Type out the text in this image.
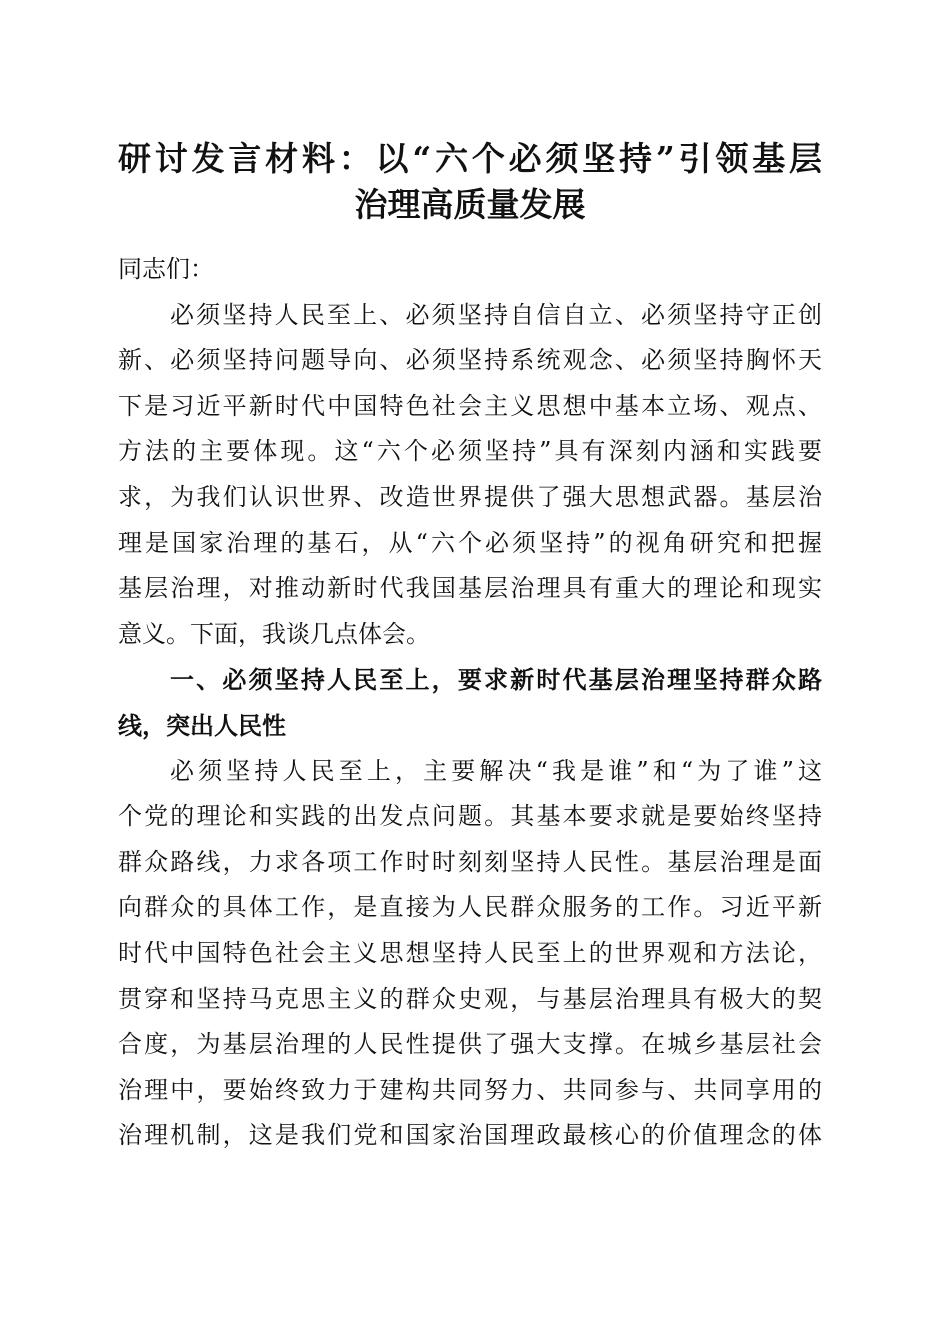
研讨发言材料：以“六个必须坚持”引领基层
治理高质量发展
同志们：
必须坚持人民至上、必须坚持自信自立、必须坚持守正创
新、必须坚持问题导向、必须坚持系统观念、必须坚持胸怀天
下是习近平新时代中国特色社会主义思想中基本立场、观点、
方法的主要体现。这“六个必须坚持”具有深刻内涵和实践要
求，为我们认识世界、改造世界提供了强大思想武器。基层治
理是国家治理的基石，从“六个必须坚持”的视角研究和把握
基层治理，对推动新时代我国基层治理具有重大的理论和现实
意义。下面，我谈几点体会。
一、必须坚持人民至上，要求新时代基层治理坚持群众路
线，突出人民性
必须坚持人民至上，主要解决“我是谁”和“为了谁”这
个党的理论和实践的出发点问题。其基本要求就是要始终坚持
群众路线，力求各项工作时时刻刻坚持人民性。基层治理是面
向群众的具体工作，是直接为人民群众服务的工作。习近平新
时代中国特色社会主义思想坚持人民至上的世界观和方法论，
贯穿和坚持马克思主义的群众史观，与基层治理具有极大的契
合度，为基层治理的人民性提供了强大支撑。在城乡基层社会
治理中，要始终致力于建构共同努力、共同参与、共同享用的
治理机制，这是我们党和国家治国理政最核心的价值理念的体
